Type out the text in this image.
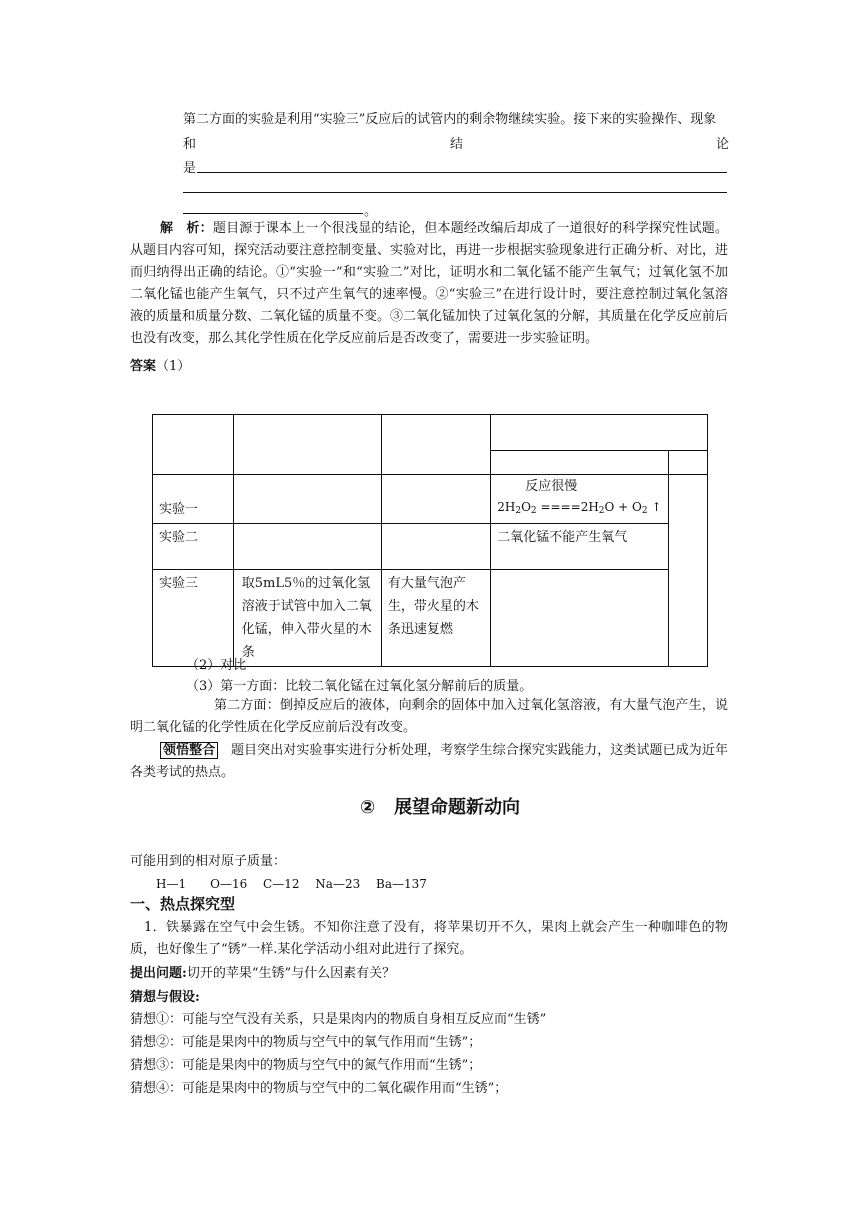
第二方面的实验是利用“实验三”反应后的试管内的剩余物继续实验。接下来的实验操作、现象
和	结	论
是
。
解　析：题目源于课本上一个很浅显的结论，但本题经改编后却成了一道很好的科学探究性试题。从题目内容可知，探究活动要注意控制变量、实验对比，再进一步根据实验现象进行正确分析、对比，进而归纳得出正确的结论。①“实验一”和“实验二”对比，证明水和二氧化锰不能产生氧气；过氧化氢不加二氧化锰也能产生氧气，只不过产生氧气的速率慢。②“实验三”在进行设计时，要注意控制过氧化氢溶液的质量和质量分数、二氧化锰的质量不变。③二氧化锰加快了过氧化氢的分解，其质量在化学反应前后也没有改变，那么其化学性质在化学反应前后是否改变了，需要进一步实验证明。
答案（1）

实验一			反应很慢
$2H_2O_2 ====2H_2O + O_2$ ↑	

实验二			二氧化锰不能产生氧气	
实验三	取5mL5％的过氧化氢溶液于试管中加入二氧化锰，伸入带火星的木条	有大量气泡产生，带火星的木条迅速复燃		
（2）对比
（3）第一方面：比较二氧化锰在过氧化氢分解前后的质量。
第二方面：倒掉反应后的液体，向剩余的固体中加入过氧化氢溶液，有大量气泡产生，说明二氧化锰的化学性质在化学反应前后没有改变。
领悟整合 题目突出对实验事实进行分析处理，考察学生综合探究实践能力，这类试题已成为近年各类考试的热点。
② 展望命题新动向
可能用到的相对原子质量：
H—1　　O—16　 C—12　 Na—23　 Ba—137
一、热点探究型
1．铁暴露在空气中会生锈。不知你注意了没有，将苹果切开不久，果肉上就会产生一种咖啡色的物质，也好像生了“锈”一样.某化学活动小组对此进行了探究。
提出问题:切开的苹果“生锈”与什么因素有关？
猜想与假设:
猜想①：可能与空气没有关系，只是果肉内的物质自身相互反应而“生锈”
猜想②：可能是果肉中的物质与空气中的氧气作用而“生锈”；
猜想③：可能是果肉中的物质与空气中的氮气作用而“生锈”；
猜想④：可能是果肉中的物质与空气中的二氧化碳作用而“生锈”；
